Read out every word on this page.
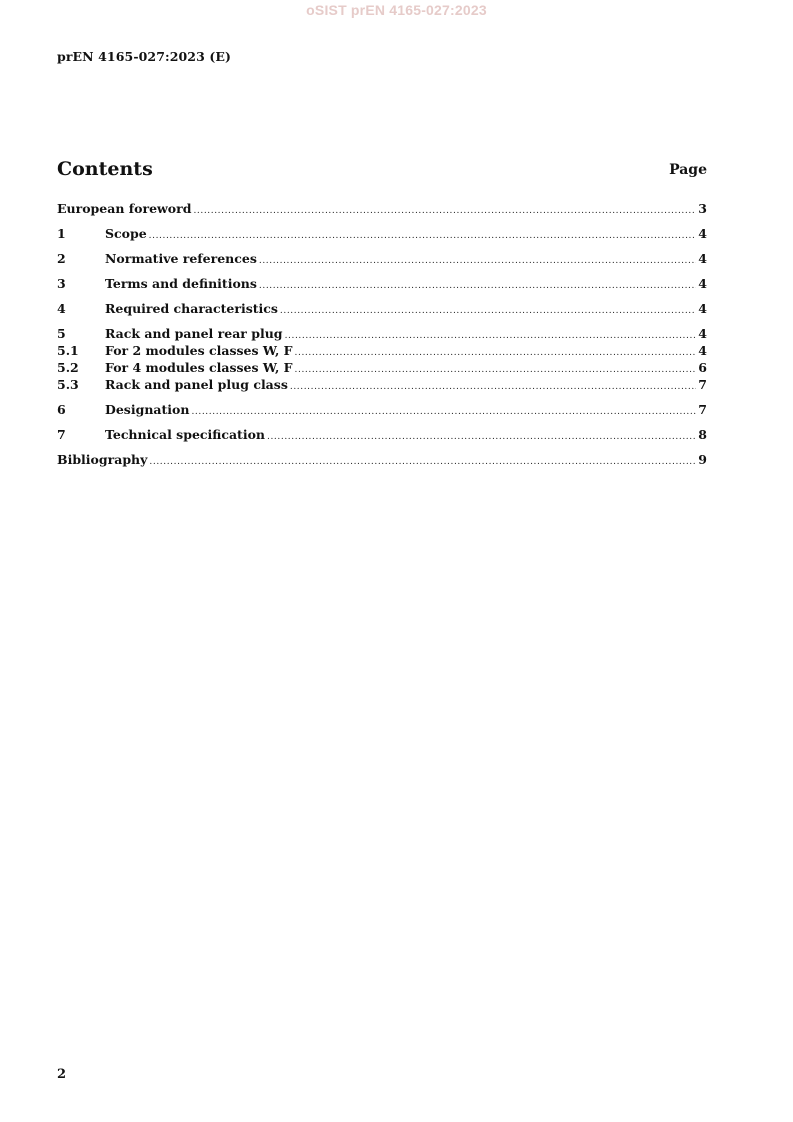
oSIST prEN 4165-027:2023
prEN 4165-027:2023 (E)
Contents	Page
European foreword .....	3
1	Scope .....	4
2	Normative references .....	4
3	Terms and definitions .....	4
4	Required characteristics .....	4
5	Rack and panel rear plug .....	4
5.1	For 2 modules classes W, F .....	4
5.2	For 4 modules classes W, F .....	6
5.3	Rack and panel plug class .....	7
6	Designation .....	7
7	Technical specification .....	8
Bibliography .....	9
2
